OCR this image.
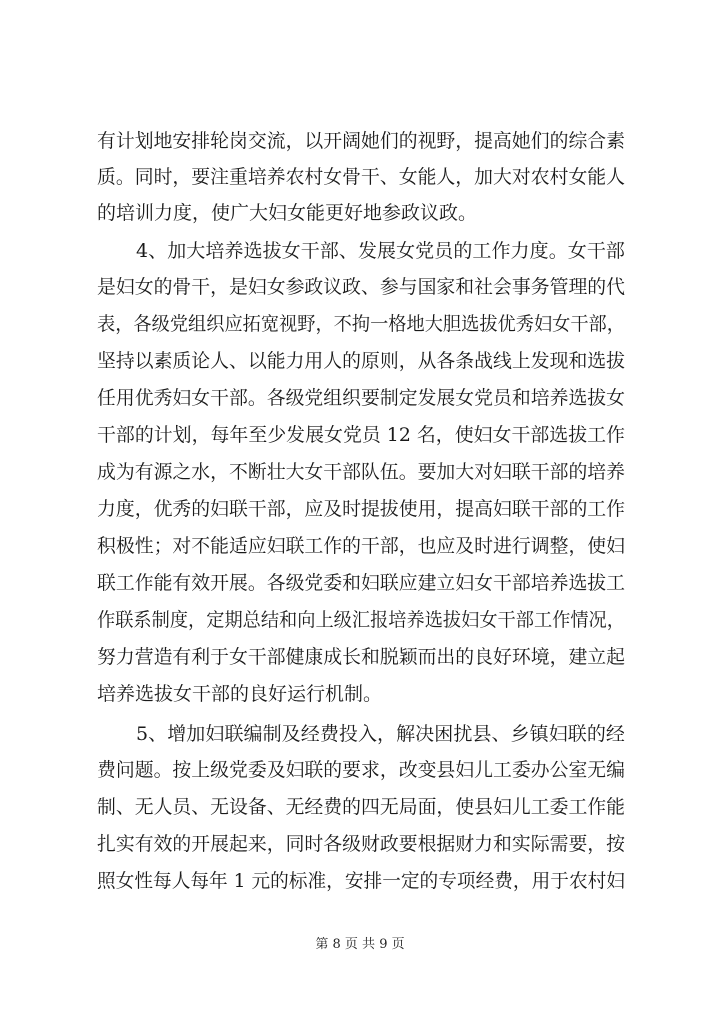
有计划地安排轮岗交流，以开阔她们的视野，提高她们的综合素
质。同时，要注重培养农村女骨干、女能人，加大对农村女能人
的培训力度，使广大妇女能更好地参政议政。
4、加大培养选拔女干部、发展女党员的工作力度。女干部
是妇女的骨干，是妇女参政议政、参与国家和社会事务管理的代
表，各级党组织应拓宽视野，不拘一格地大胆选拔优秀妇女干部，
坚持以素质论人、以能力用人的原则，从各条战线上发现和选拔
任用优秀妇女干部。各级党组织要制定发展女党员和培养选拔女
干部的计划，每年至少发展女党员 12 名，使妇女干部选拔工作
成为有源之水，不断壮大女干部队伍。要加大对妇联干部的培养
力度，优秀的妇联干部，应及时提拔使用，提高妇联干部的工作
积极性；对不能适应妇联工作的干部，也应及时进行调整，使妇
联工作能有效开展。各级党委和妇联应建立妇女干部培养选拔工
作联系制度，定期总结和向上级汇报培养选拔妇女干部工作情况，
努力营造有利于女干部健康成长和脱颖而出的良好环境，建立起
培养选拔女干部的良好运行机制。
5、增加妇联编制及经费投入，解决困扰县、乡镇妇联的经
费问题。按上级党委及妇联的要求，改变县妇儿工委办公室无编
制、无人员、无设备、无经费的四无局面，使县妇儿工委工作能
扎实有效的开展起来，同时各级财政要根据财力和实际需要，按
照女性每人每年 1 元的标准，安排一定的专项经费，用于农村妇
第 8 页 共 9 页
